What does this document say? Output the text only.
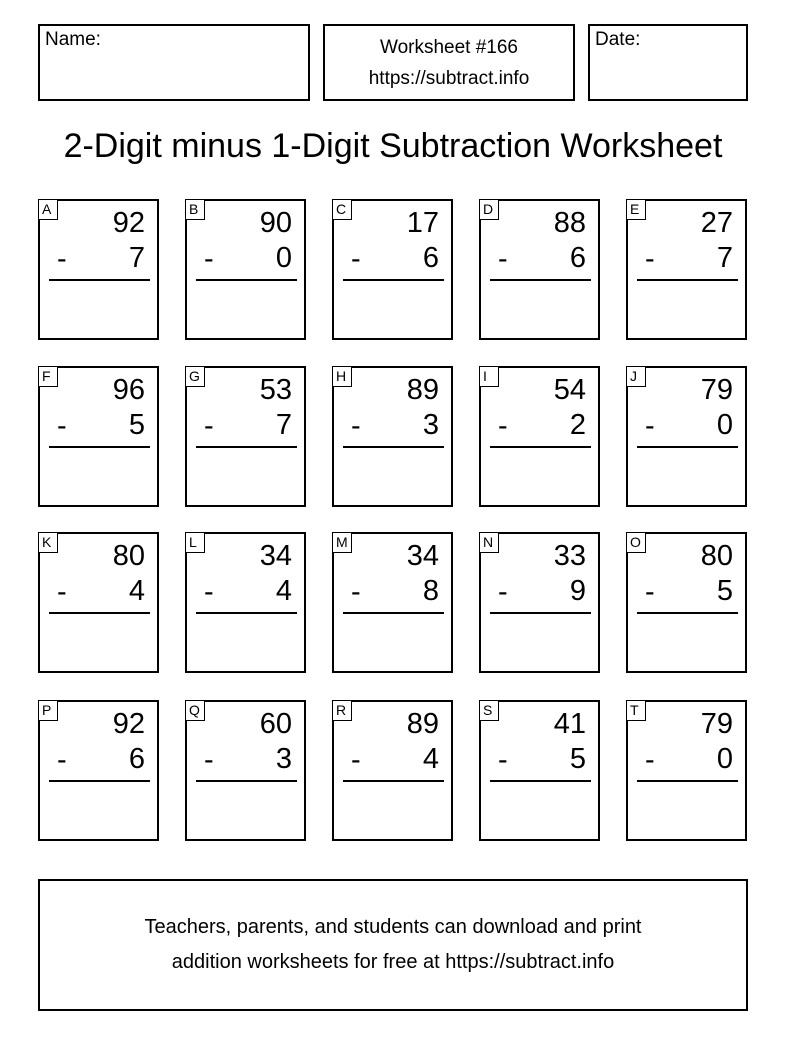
Name:	Worksheet #166
https://subtract.info
Date:
2-Digit minus 1-Digit Subtraction Worksheet
A 92
- 7
B 90
- 0
C 17
- 6
D 88
- 6
E 27
- 7
F 96
- 5
G 53
- 7
H 89
- 3
I	54
- 2
J	79
- 0
K 80
- 4
L 34
- 4
M 34
- 8
N 33
- 9
O 80
- 5
P 92
- 6
Q 60
- 3
R 89
- 4
S 41
- 5
T 79
- 0
Teachers, parents, and students can download and print
addition worksheets for free at https://subtract.info
